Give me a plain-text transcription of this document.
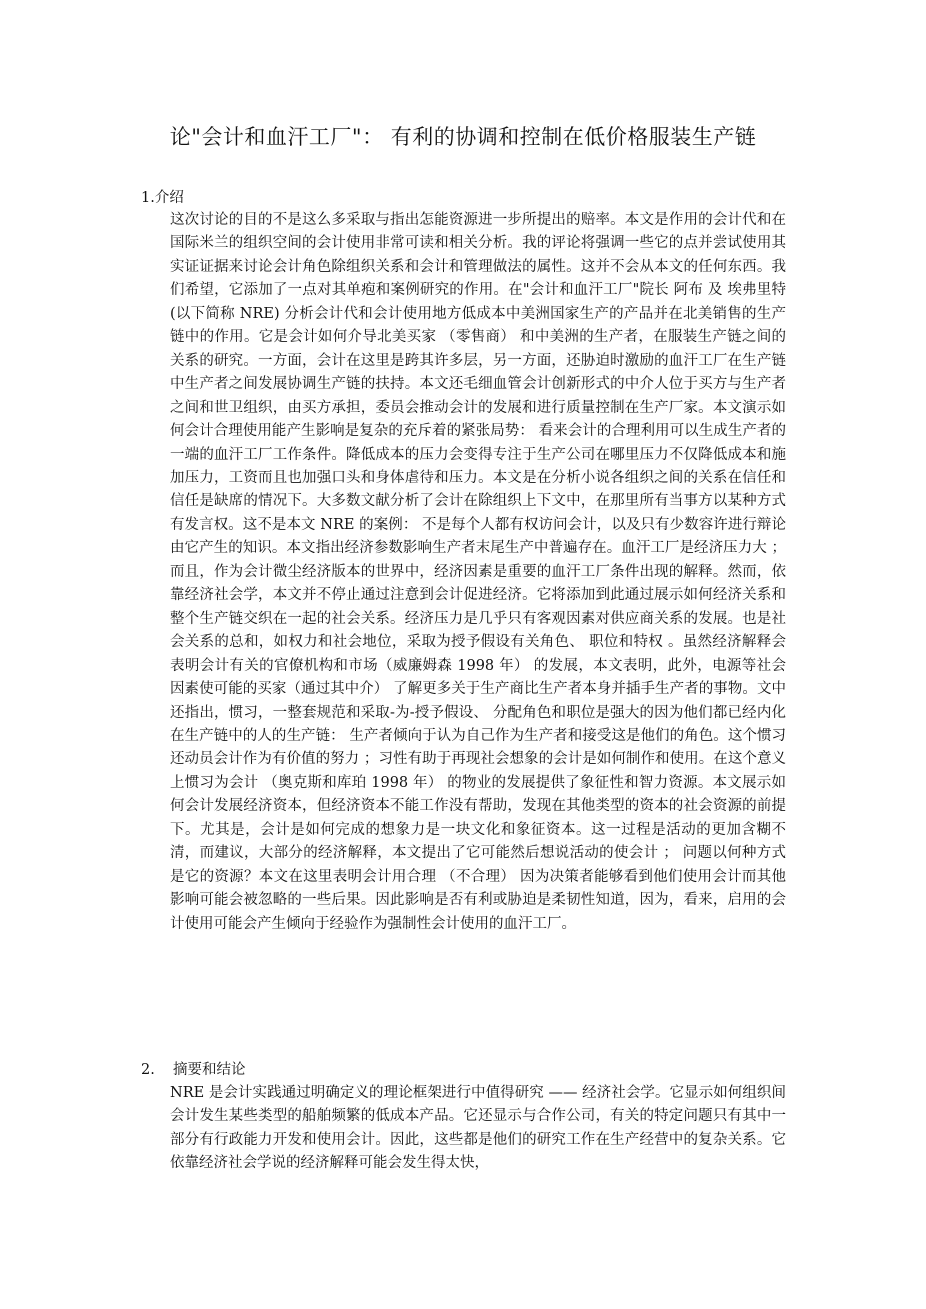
论"会计和血汗工厂"： 有利的协调和控制在低价格服装生产链
1.介绍
这次讨论的目的不是这么多采取与指出怎能资源进一步所提出的赔率。本文是作用的会计代和在国际米兰的组织空间的会计使用非常可读和相关分析。我的评论将强调一些它的点并尝试使用其实证证据来讨论会计角色除组织关系和会计和管理做法的属性。这并不会从本文的任何东西。我们希望，它添加了一点对其单疱和案例研究的作用。在"会计和血汗工厂"院长 阿布 及 埃弗里特 (以下简称 NRE) 分析会计代和会计使用地方低成本中美洲国家生产的产品并在北美销售的生产链中的作用。它是会计如何介导北美买家 （零售商） 和中美洲的生产者，在服装生产链之间的关系的研究。一方面，会计在这里是跨其许多层，另一方面，还胁迫时激励的血汗工厂在生产链中生产者之间发展协调生产链的扶持。本文还毛细血管会计创新形式的中介人位于买方与生产者之间和世卫组织，由买方承担，委员会推动会计的发展和进行质量控制在生产厂家。本文演示如何会计合理使用能产生影响是复杂的充斥着的紧张局势： 看来会计的合理利用可以生成生产者的一端的血汗工厂工作条件。降低成本的压力会变得专注于生产公司在哪里压力不仅降低成本和施加压力，工资而且也加强口头和身体虐待和压力。本文是在分析小说各组织之间的关系在信任和信任是缺席的情况下。大多数文献分析了会计在除组织上下文中，在那里所有当事方以某种方式有发言权。这不是本文 NRE 的案例： 不是每个人都有权访问会计，以及只有少数容许进行辩论由它产生的知识。本文指出经济参数影响生产者末尾生产中普遍存在。血汗工厂是经济压力大 ；而且，作为会计微尘经济版本的世界中，经济因素是重要的血汗工厂条件出现的解释。然而，依靠经济社会学，本文并不停止通过注意到会计促进经济。它将添加到此通过展示如何经济关系和整个生产链交织在一起的社会关系。经济压力是几乎只有客观因素对供应商关系的发展。也是社会关系的总和，如权力和社会地位，采取为授予假设有关角色、 职位和特权 。虽然经济解释会表明会计有关的官僚机构和市场（威廉姆森 1998 年） 的发展，本文表明，此外，电源等社会因素使可能的买家（通过其中介） 了解更多关于生产商比生产者本身并插手生产者的事物。文中还指出，惯习，一整套规范和采取-为-授予假设、 分配角色和职位是强大的因为他们都已经内化在生产链中的人的生产链： 生产者倾向于认为自己作为生产者和接受这是他们的角色。这个惯习还动员会计作为有价值的努力 ；习性有助于再现社会想象的会计是如何制作和使用。在这个意义上惯习为会计 （奥克斯和库珀 1998 年） 的物业的发展提供了象征性和智力资源。本文展示如何会计发展经济资本，但经济资本不能工作没有帮助，发现在其他类型的资本的社会资源的前提下。尤其是，会计是如何完成的想象力是一块文化和象征资本。这一过程是活动的更加含糊不清，而建议，大部分的经济解释，本文提出了它可能然后想说活动的使会计 ； 问题以何种方式是它的资源？本文在这里表明会计用合理 （不合理） 因为决策者能够看到他们使用会计而其他影响可能会被忽略的一些后果。因此影响是否有利或胁迫是柔韧性知道，因为，看来，启用的会计使用可能会产生倾向于经验作为强制性会计使用的血汗工厂。
2. 摘要和结论
NRE 是会计实践通过明确定义的理论框架进行中值得研究 —— 经济社会学。它显示如何组织间会计发生某些类型的船舶频繁的低成本产品。它还显示与合作公司，有关的特定问题只有其中一部分有行政能力开发和使用会计。因此，这些都是他们的研究工作在生产经营中的复杂关系。它依靠经济社会学说的经济解释可能会发生得太快，
